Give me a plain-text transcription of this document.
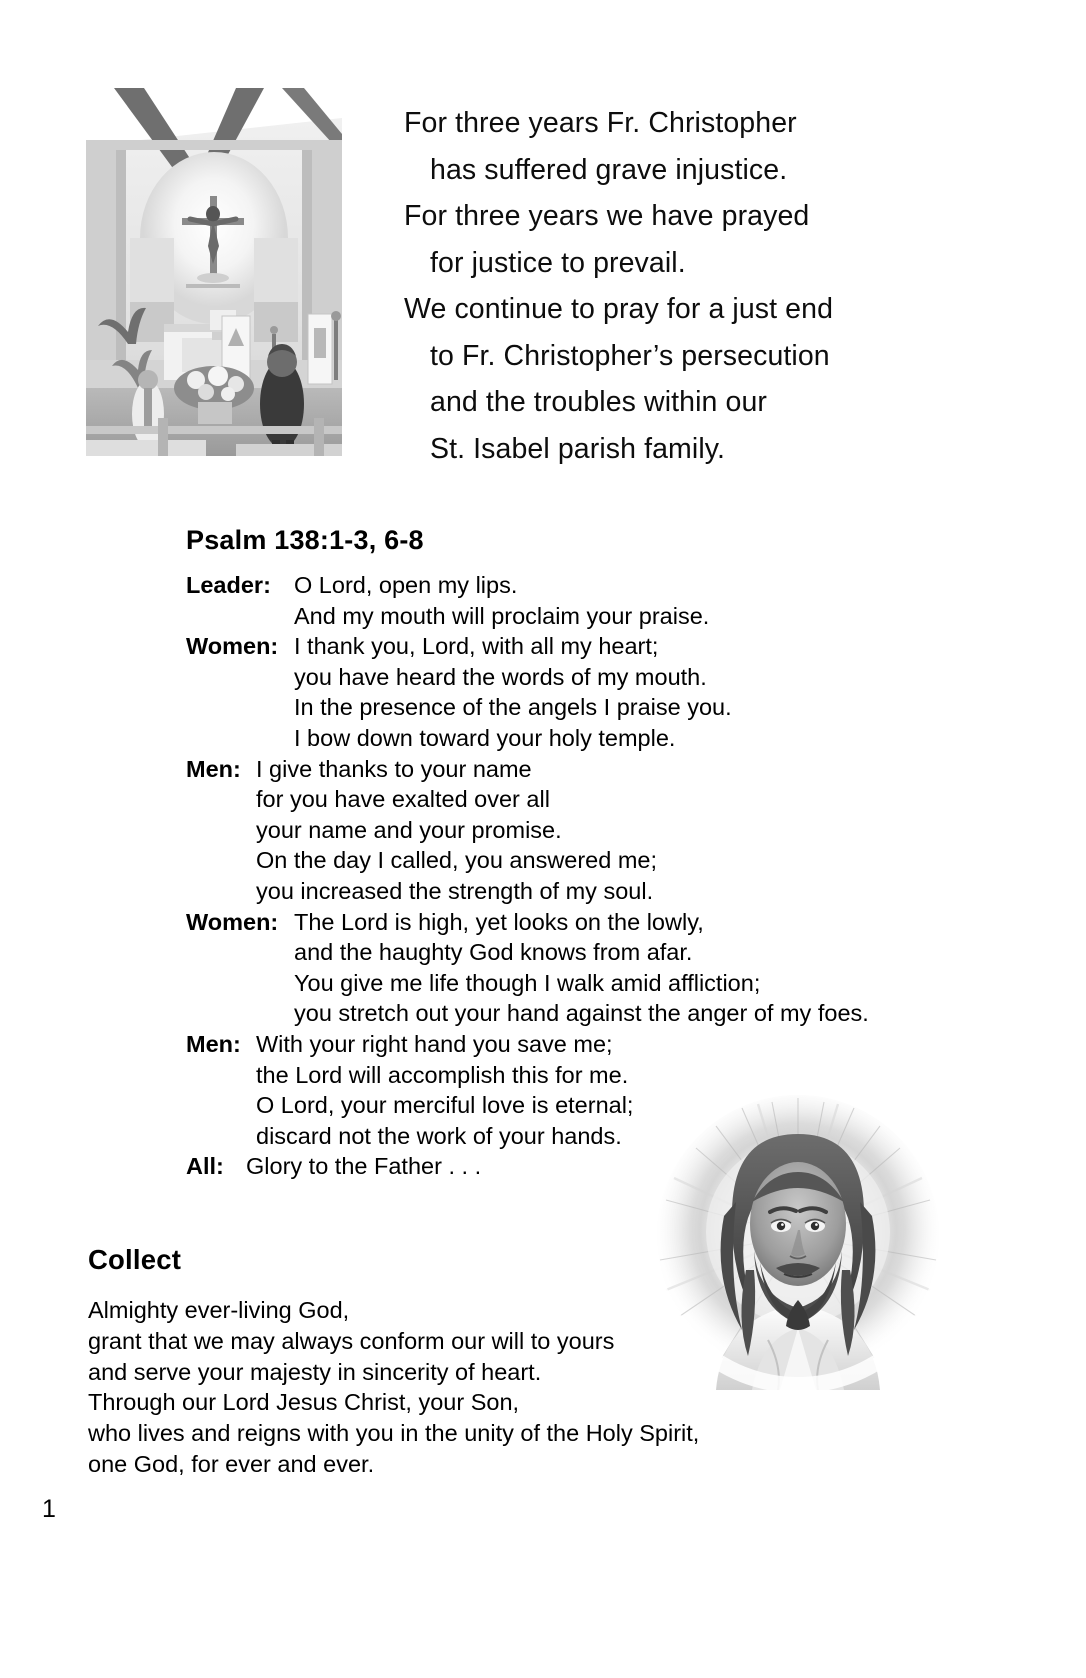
For three years Fr. Christopher
has suffered grave injustice.
For three years we have prayed
for justice to prevail.
We continue to pray for a just end
to Fr. Christopher’s persecution
and the troubles within our
St. Isabel parish family.
Psalm 138:1-3, 6-8
Leader: O Lord, open my lips.
And my mouth will proclaim your praise.
Women: I thank you, Lord, with all my heart;
you have heard the words of my mouth.
In the presence of the angels I praise you.
I bow down toward your holy temple.
Men: I give thanks to your name
for you have exalted over all
your name and your promise.
On the day I called, you answered me;
you increased the strength of my soul.
Women: The Lord is high, yet looks on the lowly,
and the haughty God knows from afar.
You give me life though I walk amid affliction;
you stretch out your hand against the anger of my foes.
Men: With your right hand you save me;
the Lord will accomplish this for me.
O Lord, your merciful love is eternal;
discard not the work of your hands.
All: Glory to the Father . . .
Collect
Almighty ever-living God,
grant that we may always conform our will to yours
and serve your majesty in sincerity of heart.
Through our Lord Jesus Christ, your Son,
who lives and reigns with you in the unity of the Holy Spirit,
one God, for ever and ever.
1
